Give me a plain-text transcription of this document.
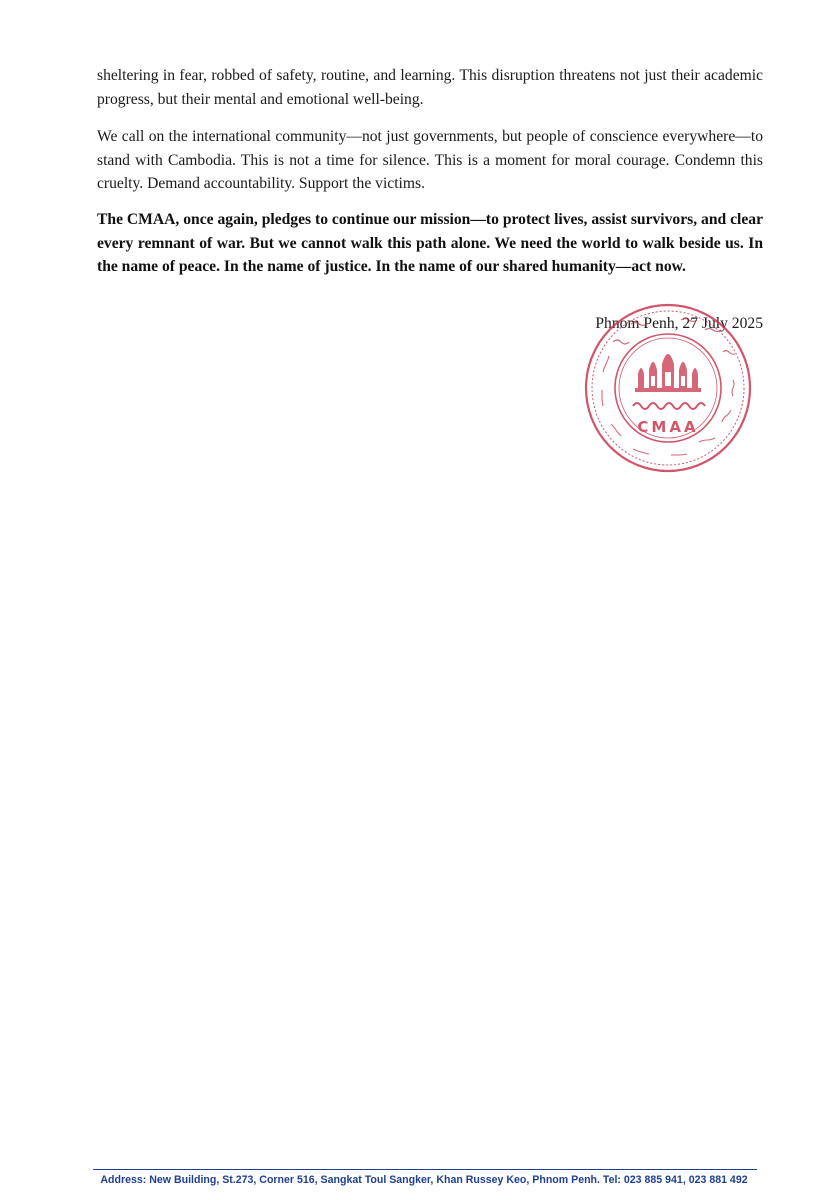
sheltering in fear, robbed of safety, routine, and learning. This disruption threatens not just their academic progress, but their mental and emotional well-being.

We call on the international community—not just governments, but people of conscience everywhere—to stand with Cambodia. This is not a time for silence. This is a moment for moral courage. Condemn this cruelty. Demand accountability. Support the victims.

The CMAA, once again, pledges to continue our mission—to protect lives, assist survivors, and clear every remnant of war. But we cannot walk this path alone. We need the world to walk beside us. In the name of peace. In the name of justice. In the name of our shared humanity—act now.

Phnom Penh, 27 July 2025
CMAA
Address: New Building, St.273, Corner 516, Sangkat Toul Sangker, Khan Russey Keo, Phnom Penh. Tel: 023 885 941, 023 881 492
